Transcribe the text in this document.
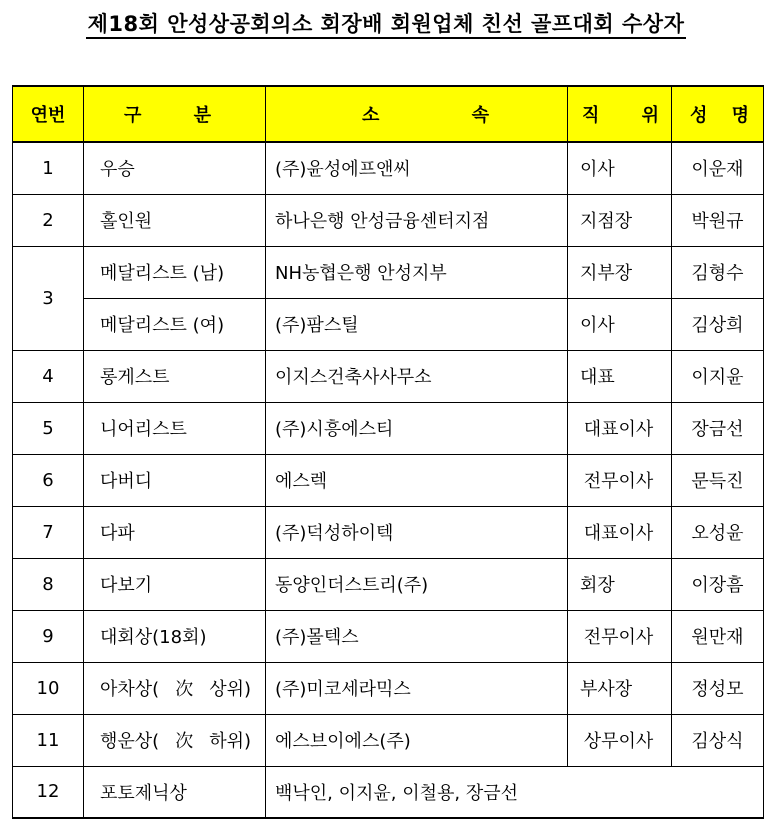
제18회 안성상공회의소 회장배 회원업체 친선 골프대회 수상자
연번	구 분	소 속	직 위	성 명
1	우승	(주)윤성에프앤씨	이사	이운재
2	홀인원	하나은행 안성금융센터지점	지점장	박원규
3	메달리스트 (남)	NH농협은행 안성지부	지부장	김형수
	메달리스트 (여)	(주)팜스틸	이사	김상희
4	롱게스트	이지스건축사사무소	대표	이지윤
5	니어리스트	(주)시흥에스티	대표이사	장금선
6	다버디	에스렉	전무이사	문득진
7	다파	(주)덕성하이텍	대표이사	오성윤
8	다보기	동양인더스트리(주)	회장	이장흠
9	대회상(18회)	(주)몰텍스	전무이사	원만재
10	아차상(次상위)	(주)미코세라믹스	부사장	정성모
11	행운상(次하위)	에스브이에스(주)	상무이사	김상식
12	포토제닉상	백낙인, 이지윤, 이철용, 장금선		
